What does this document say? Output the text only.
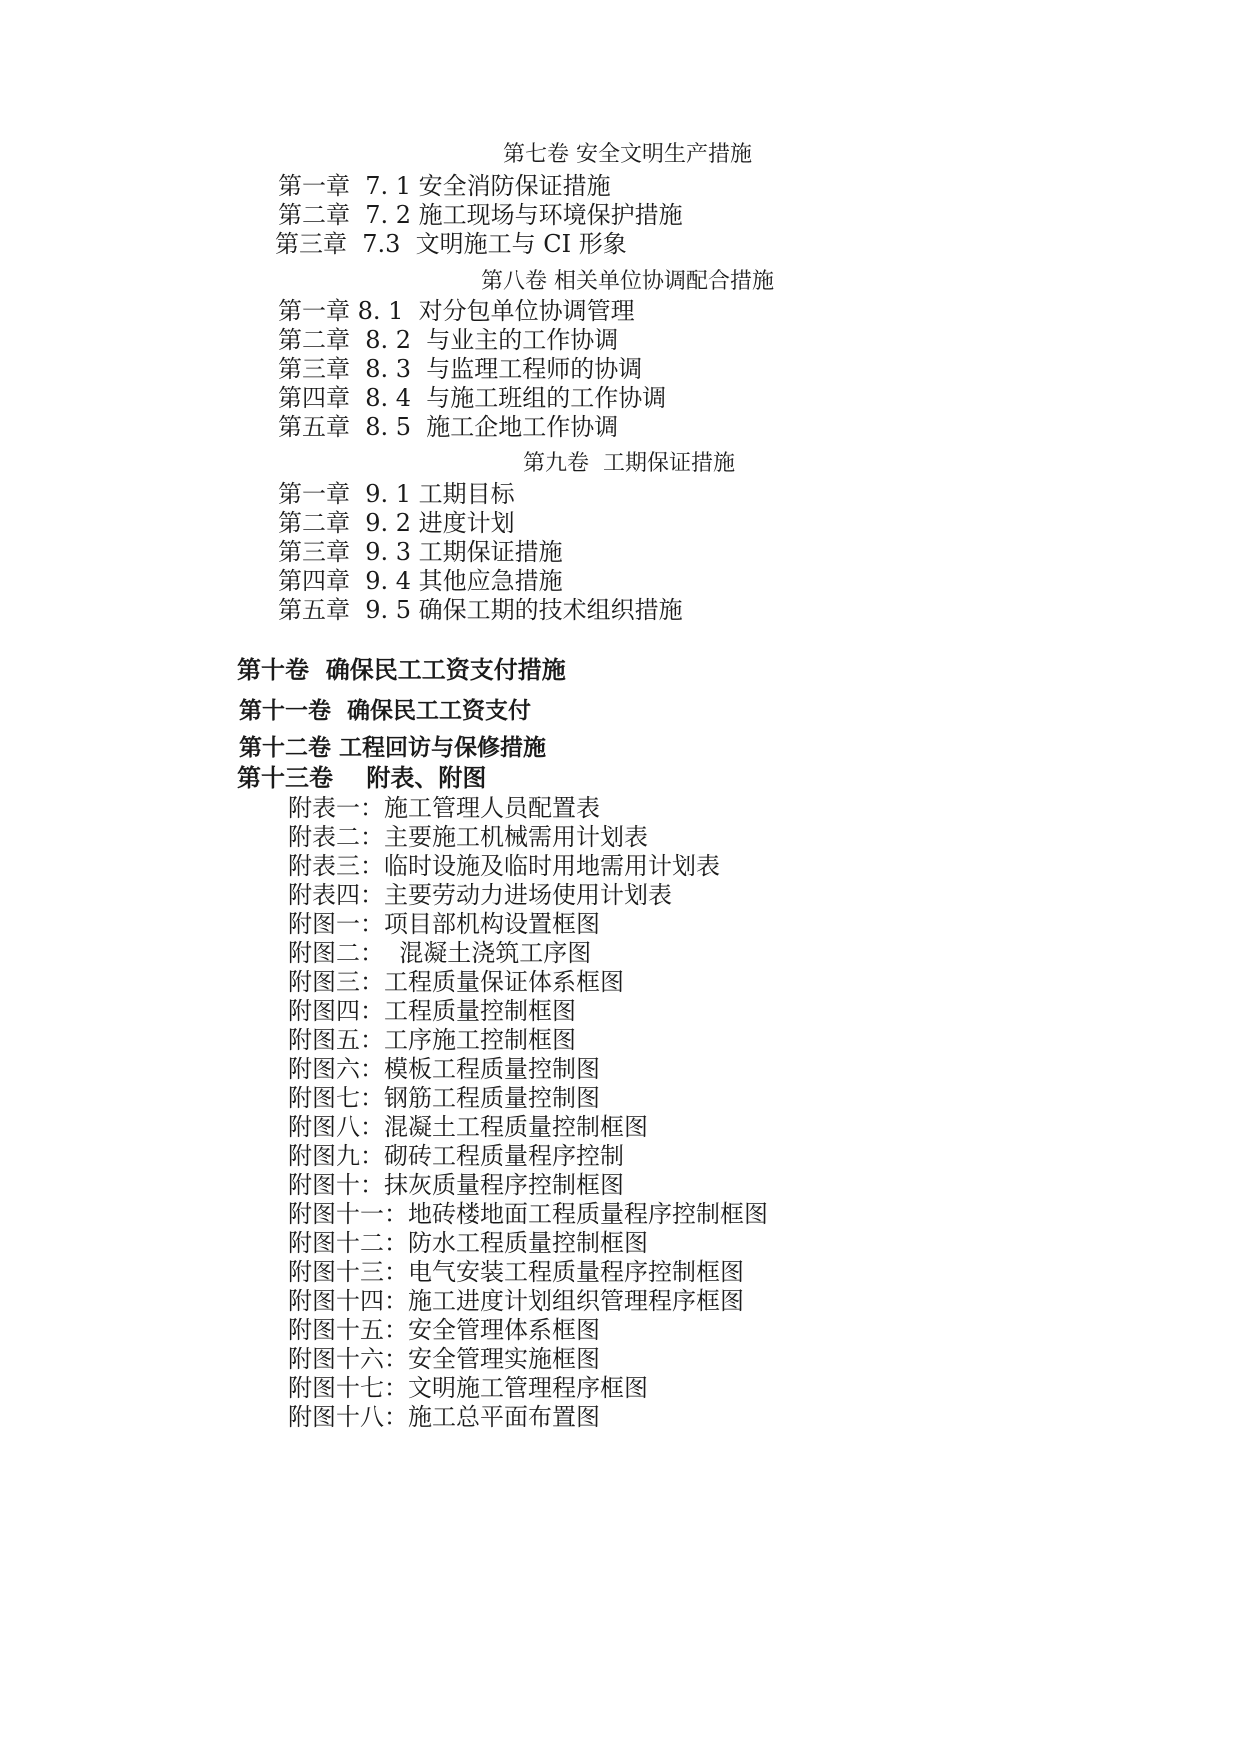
第七卷 安全文明生产措施
第一章  7. 1 安全消防保证措施
第二章  7. 2 施工现场与环境保护措施
第三章  7.3  文明施工与 CI 形象
第八卷 相关单位协调配合措施
第一章 8. 1  对分包单位协调管理
第二章  8. 2  与业主的工作协调
第三章  8. 3  与监理工程师的协调
第四章  8. 4  与施工班组的工作协调
第五章  8. 5  施工企地工作协调
第九卷  工期保证措施
第一章  9. 1 工期目标
第二章  9. 2 进度计划
第三章  9. 3 工期保证措施
第四章  9. 4 其他应急措施
第五章  9. 5 确保工期的技术组织措施
第十卷  确保民工工资支付措施
第十一卷  确保民工工资支付
第十二卷 工程回访与保修措施
第十三卷    附表、附图
附表一：施工管理人员配置表
附表二：主要施工机械需用计划表
附表三：临时设施及临时用地需用计划表
附表四：主要劳动力进场使用计划表
附图一：项目部机构设置框图
附图二：  混凝土浇筑工序图
附图三：工程质量保证体系框图
附图四：工程质量控制框图
附图五：工序施工控制框图
附图六：模板工程质量控制图
附图七：钢筋工程质量控制图
附图八：混凝土工程质量控制框图
附图九：砌砖工程质量程序控制
附图十：抹灰质量程序控制框图
附图十一：地砖楼地面工程质量程序控制框图
附图十二：防水工程质量控制框图
附图十三：电气安装工程质量程序控制框图
附图十四：施工进度计划组织管理程序框图
附图十五：安全管理体系框图
附图十六：安全管理实施框图
附图十七：文明施工管理程序框图
附图十八：施工总平面布置图
